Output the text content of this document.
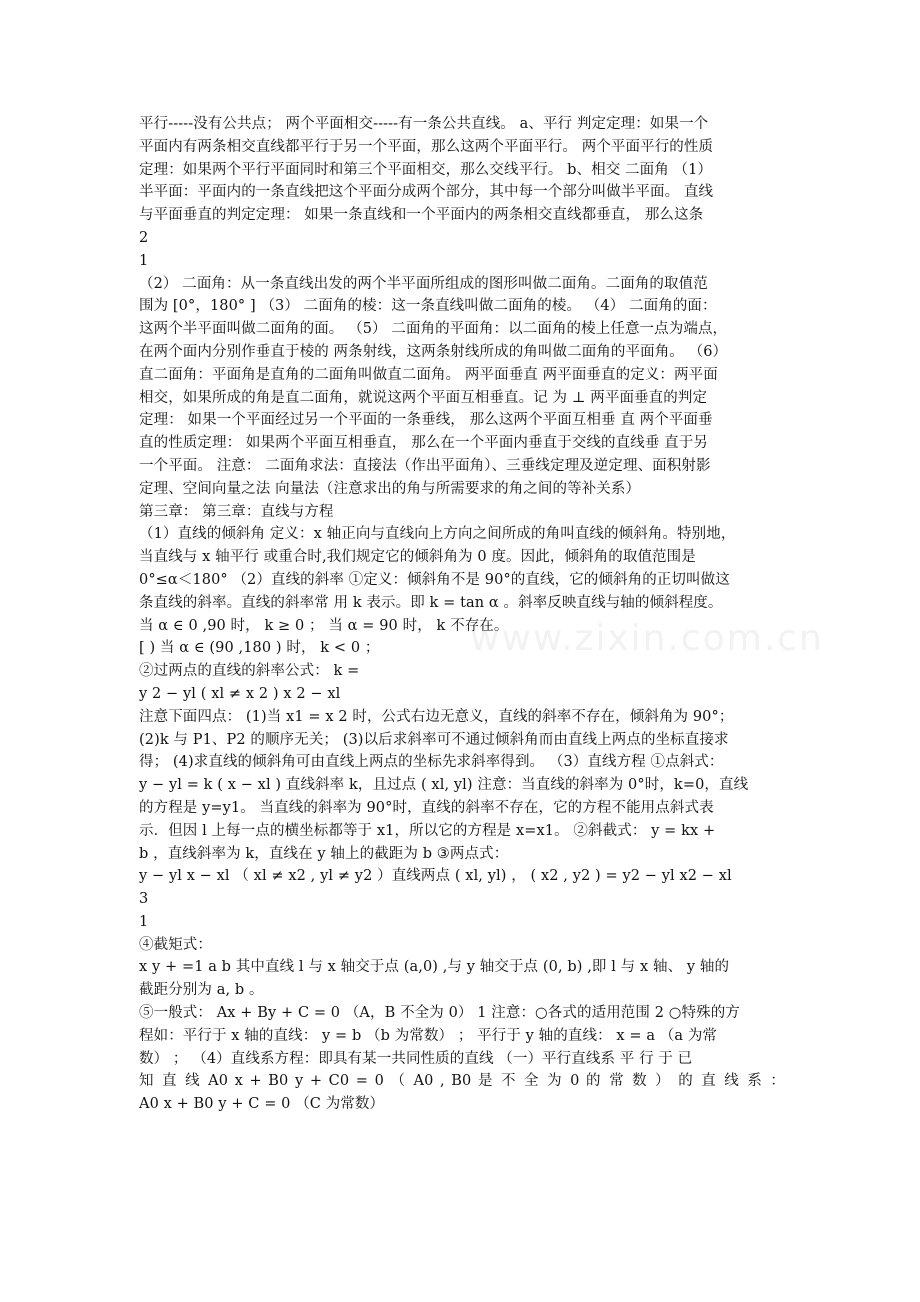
www.zixin.com.cn
平行-----没有公共点； 两个平面相交-----有一条公共直线。 a、平行 判定定理：如果一个
平面内有两条相交直线都平行于另一个平面，那么这两个平面平行。 两个平面平行的性质
定理：如果两个平行平面同时和第三个平面相交，那么交线平行。 b、相交 二面角 （1）
半平面：平面内的一条直线把这个平面分成两个部分，其中每一个部分叫做半平面。 直线
与平面垂直的判定定理： 如果一条直线和一个平面内的两条相交直线都垂直， 那么这条
2
1
（2） 二面角：从一条直线出发的两个半平面所组成的图形叫做二面角。二面角的取值范
围为 [0°，180° ] （3） 二面角的棱：这一条直线叫做二面角的棱。 （4） 二面角的面：
这两个半平面叫做二面角的面。 （5） 二面角的平面角：以二面角的棱上任意一点为端点，
在两个面内分别作垂直于棱的 两条射线，这两条射线所成的角叫做二面角的平面角。 （6）
直二面角：平面角是直角的二面角叫做直二面角。 两平面垂直 两平面垂直的定义：两平面
相交，如果所成的角是直二面角，就说这两个平面互相垂直。记 为 ⊥ 两平面垂直的判定
定理： 如果一个平面经过另一个平面的一条垂线， 那么这两个平面互相垂 直 两个平面垂
直的性质定理： 如果两个平面互相垂直， 那么在一个平面内垂直于交线的直线垂 直于另
一个平面。 注意： 二面角求法：直接法（作出平面角）、三垂线定理及逆定理、面积射影
定理、空间向量之法 向量法（注意求出的角与所需要求的角之间的等补关系）
第三章： 第三章：直线与方程
（1）直线的倾斜角 定义：x 轴正向与直线向上方向之间所成的角叫直线的倾斜角。特别地，
当直线与 x 轴平行 或重合时,我们规定它的倾斜角为 0 度。因此，倾斜角的取值范围是
0°≤α＜180° （2）直线的斜率 ①定义：倾斜角不是 90°的直线，它的倾斜角的正切叫做这
条直线的斜率。直线的斜率常 用 k 表示。即 k = tan α 。斜率反映直线与轴的倾斜程度。
当 α ∈ 0 ,90 时， k ≥ 0 ； 当 α = 90 时， k 不存在。
[ ) 当 α ∈ (90 ,180 ) 时， k < 0 ；
②过两点的直线的斜率公式： k =
y 2 − yl ( xl ≠ x 2 ) x 2 − xl
注意下面四点： (1)当 x1 = x 2 时，公式右边无意义，直线的斜率不存在，倾斜角为 90°；
(2)k 与 P1、P2 的顺序无关； (3)以后求斜率可不通过倾斜角而由直线上两点的坐标直接求
得； (4)求直线的倾斜角可由直线上两点的坐标先求斜率得到。 （3）直线方程 ①点斜式：
y − yl = k ( x − xl ) 直线斜率 k，且过点 ( xl, yl) 注意：当直线的斜率为 0°时，k=0，直线
的方程是 y=y1。 当直线的斜率为 90°时，直线的斜率不存在，它的方程不能用点斜式表
示．但因 l 上每一点的横坐标都等于 x1，所以它的方程是 x=x1。 ②斜截式： y = kx +
b ，直线斜率为 k，直线在 y 轴上的截距为 b ③两点式：
y − yl x − xl （ xl ≠ x2 , yl ≠ y2 ）直线两点 ( xl, yl) ， ( x2 , y2 ) = y2 − yl x2 − xl
3
1
④截矩式：
x y + =1 a b 其中直线 l 与 x 轴交于点 (a,0) ,与 y 轴交于点 (0, b) ,即 l 与 x 轴、 y 轴的
截距分别为 a, b 。
⑤一般式： Ax + By + C = 0 （A，B 不全为 0） 1 注意：○各式的适用范围 2 ○特殊的方
程如：平行于 x 轴的直线： y = b （b 为常数） ； 平行于 y 轴的直线： x = a （a 为常
数） ； （4）直线系方程：即具有某一共同性质的直线 （一）平行直线系 平 行 于 已
知 直 线 A0 x + B0 y + C0 = 0 （ A0 , B0 是 不 全 为 0 的 常 数 ） 的 直 线 系 ：
A0 x + B0 y + C = 0 （C 为常数）
